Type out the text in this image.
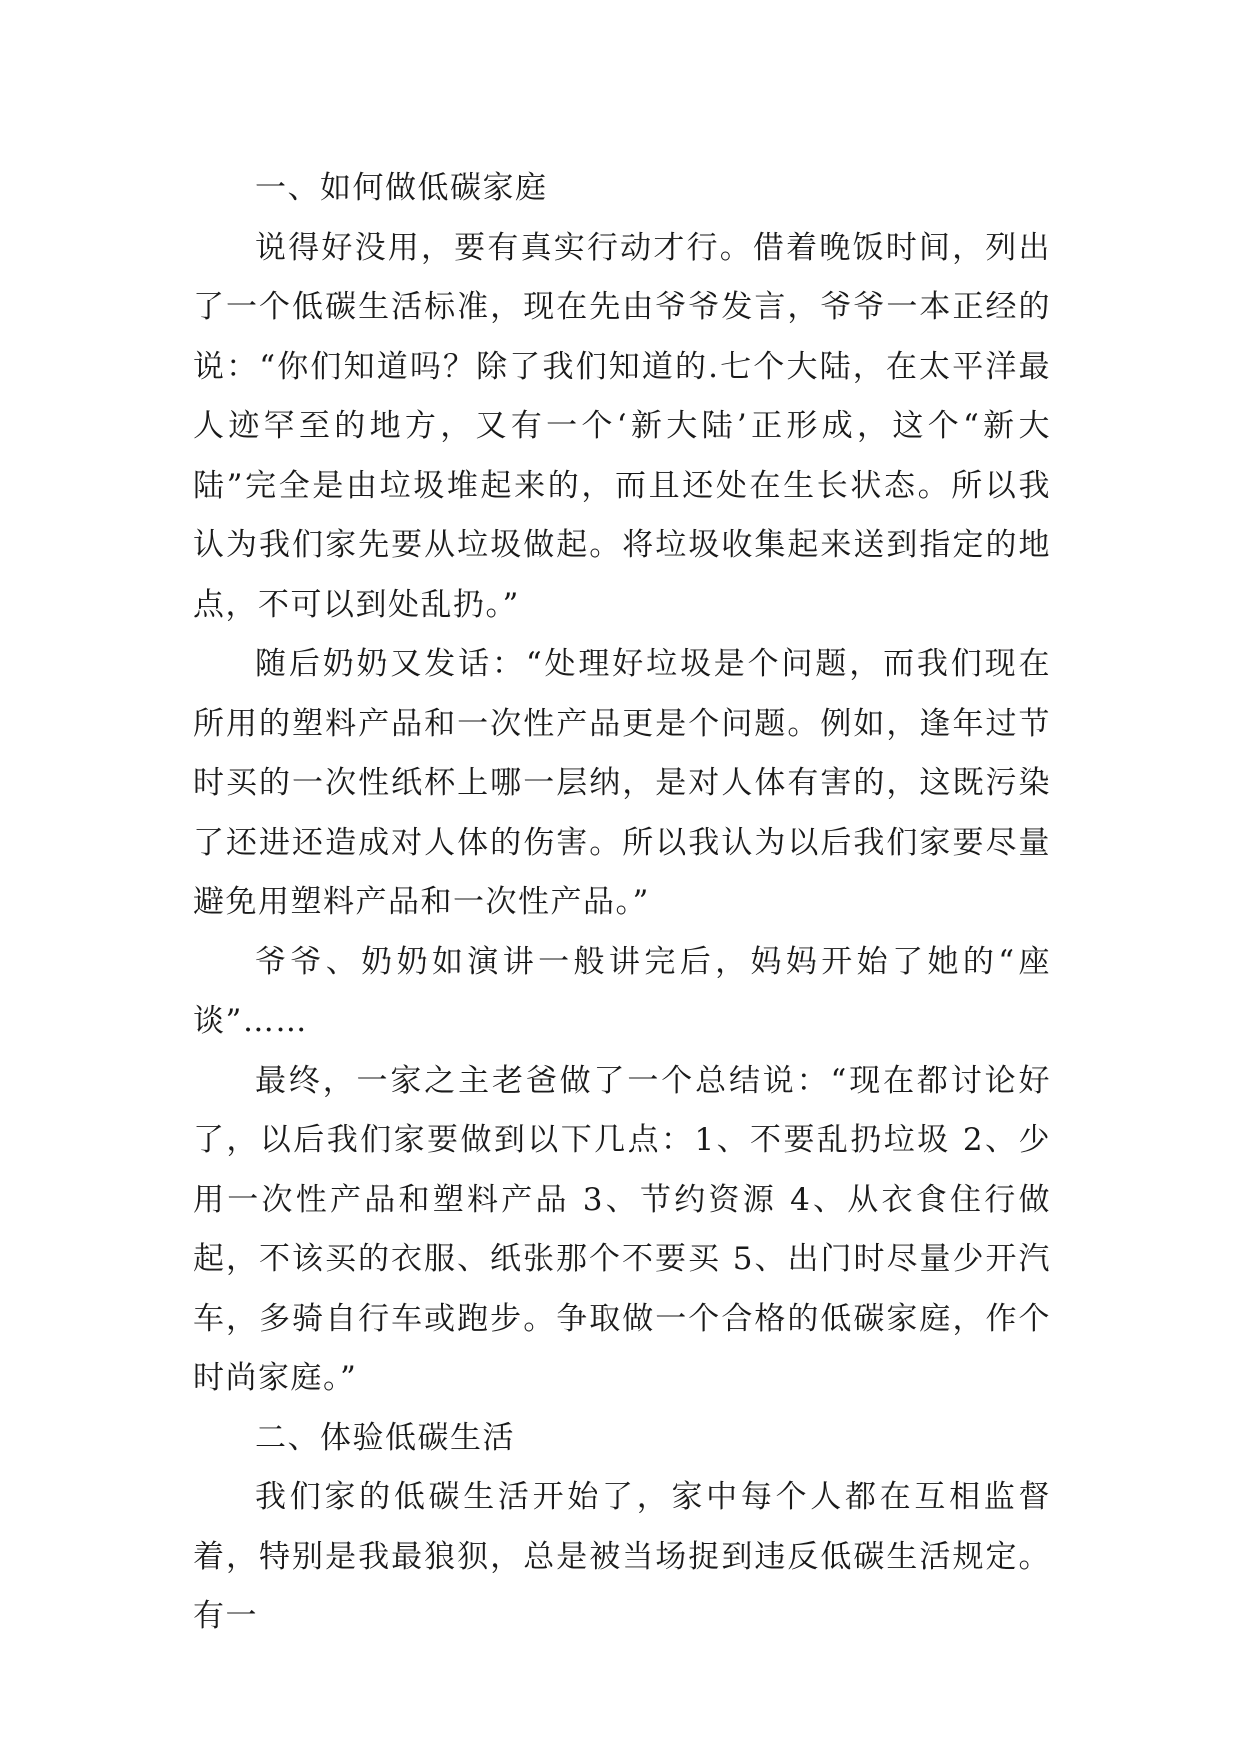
一、如何做低碳家庭

说得好没用，要有真实行动才行。借着晚饭时间，列出了一个低碳生活标准，现在先由爷爷发言，爷爷一本正经的说：“你们知道吗？除了我们知道的.七个大陆，在太平洋最人迹罕至的地方，又有一个‘新大陆’正形成，这个“新大陆”完全是由垃圾堆起来的，而且还处在生长状态。所以我认为我们家先要从垃圾做起。将垃圾收集起来送到指定的地点，不可以到处乱扔。”

随后奶奶又发话：“处理好垃圾是个问题，而我们现在所用的塑料产品和一次性产品更是个问题。例如，逢年过节时买的一次性纸杯上哪一层纳，是对人体有害的，这既污染了还进还造成对人体的伤害。所以我认为以后我们家要尽量避免用塑料产品和一次性产品。”

爷爷、奶奶如演讲一般讲完后，妈妈开始了她的“座谈”……

最终，一家之主老爸做了一个总结说：“现在都讨论好了，以后我们家要做到以下几点：1、不要乱扔垃圾 2、少用一次性产品和塑料产品 3、节约资源 4、从衣食住行做起，不该买的衣服、纸张那个不要买 5、出门时尽量少开汽车，多骑自行车或跑步。争取做一个合格的低碳家庭，作个时尚家庭。”

二、体验低碳生活

我们家的低碳生活开始了，家中每个人都在互相监督着，特别是我最狼狈，总是被当场捉到违反低碳生活规定。有一
